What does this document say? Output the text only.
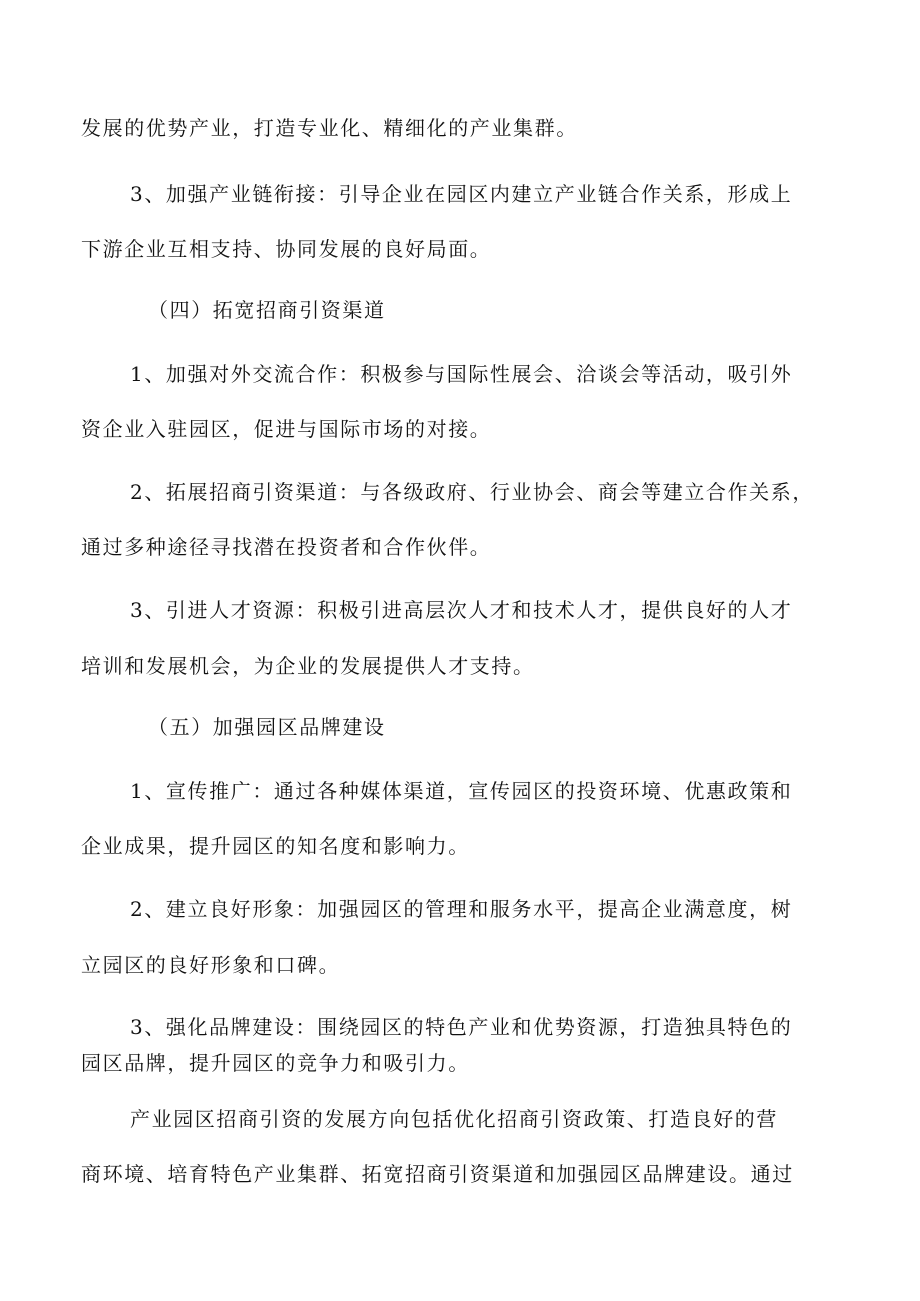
发展的优势产业，打造专业化、精细化的产业集群。
3、加强产业链衔接：引导企业在园区内建立产业链合作关系，形成上
下游企业互相支持、协同发展的良好局面。
（四）拓宽招商引资渠道
1、加强对外交流合作：积极参与国际性展会、洽谈会等活动，吸引外
资企业入驻园区，促进与国际市场的对接。
2、拓展招商引资渠道：与各级政府、行业协会、商会等建立合作关系，
通过多种途径寻找潜在投资者和合作伙伴。
3、引进人才资源：积极引进高层次人才和技术人才，提供良好的人才
培训和发展机会，为企业的发展提供人才支持。
（五）加强园区品牌建设
1、宣传推广：通过各种媒体渠道，宣传园区的投资环境、优惠政策和
企业成果，提升园区的知名度和影响力。
2、建立良好形象：加强园区的管理和服务水平，提高企业满意度，树
立园区的良好形象和口碑。
3、强化品牌建设：围绕园区的特色产业和优势资源，打造独具特色的
园区品牌，提升园区的竞争力和吸引力。
产业园区招商引资的发展方向包括优化招商引资政策、打造良好的营
商环境、培育特色产业集群、拓宽招商引资渠道和加强园区品牌建设。通过
